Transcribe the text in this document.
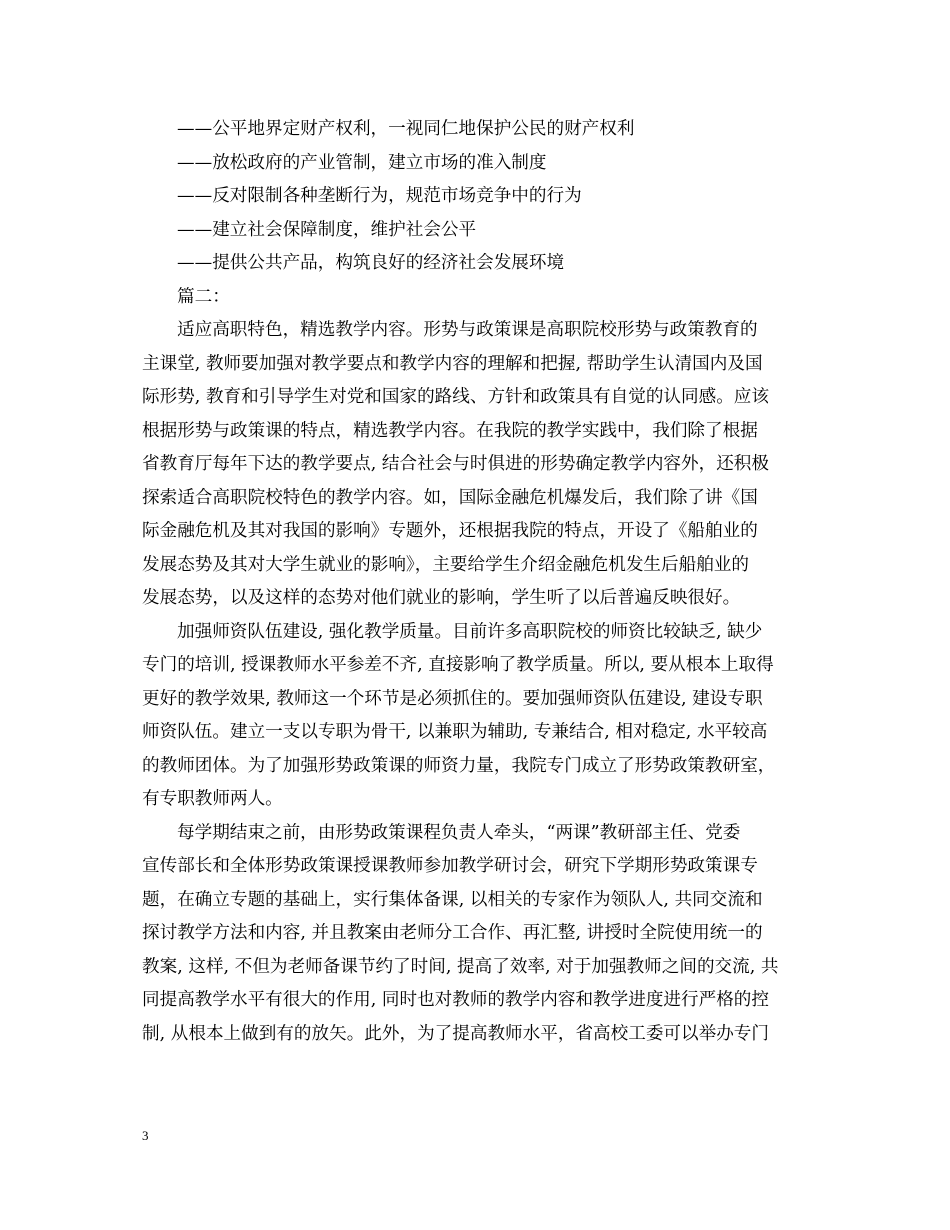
——公平地界定财产权利，一视同仁地保护公民的财产权利
——放松政府的产业管制，建立市场的准入制度
——反对限制各种垄断行为，规范市场竞争中的行为
——建立社会保障制度，维护社会公平
——提供公共产品，构筑良好的经济社会发展环境
篇二：
适应高职特色，精选教学内容。形势与政策课是高职院校形势与政策教育的
主课堂, 教师要加强对教学要点和教学内容的理解和把握, 帮助学生认清国内及国
际形势, 教育和引导学生对党和国家的路线、方针和政策具有自觉的认同感。应该
根据形势与政策课的特点，精选教学内容。在我院的教学实践中，我们除了根据
省教育厅每年下达的教学要点, 结合社会与时俱进的形势确定教学内容外，还积极
探索适合高职院校特色的教学内容。如，国际金融危机爆发后，我们除了讲《国
际金融危机及其对我国的影响》专题外，还根据我院的特点，开设了《船舶业的
发展态势及其对大学生就业的影响》，主要给学生介绍金融危机发生后船舶业的
发展态势，以及这样的态势对他们就业的影响，学生听了以后普遍反映很好。
加强师资队伍建设, 强化教学质量。目前许多高职院校的师资比较缺乏, 缺少
专门的培训, 授课教师水平参差不齐, 直接影响了教学质量。所以, 要从根本上取得
更好的教学效果, 教师这一个环节是必须抓住的。要加强师资队伍建设, 建设专职
师资队伍。建立一支以专职为骨干, 以兼职为辅助, 专兼结合, 相对稳定, 水平较高
的教师团体。为了加强形势政策课的师资力量，我院专门成立了形势政策教研室，
有专职教师两人。
每学期结束之前，由形势政策课程负责人牵头，“两课”教研部主任、党委
宣传部长和全体形势政策课授课教师参加教学研讨会，研究下学期形势政策课专
题，在确立专题的基础上，实行集体备课, 以相关的专家作为领队人, 共同交流和
探讨教学方法和内容, 并且教案由老师分工合作、再汇整, 讲授时全院使用统一的
教案, 这样, 不但为老师备课节约了时间, 提高了效率, 对于加强教师之间的交流, 共
同提高教学水平有很大的作用, 同时也对教师的教学内容和教学进度进行严格的控
制, 从根本上做到有的放矢。此外，为了提高教师水平，省高校工委可以举办专门
3
